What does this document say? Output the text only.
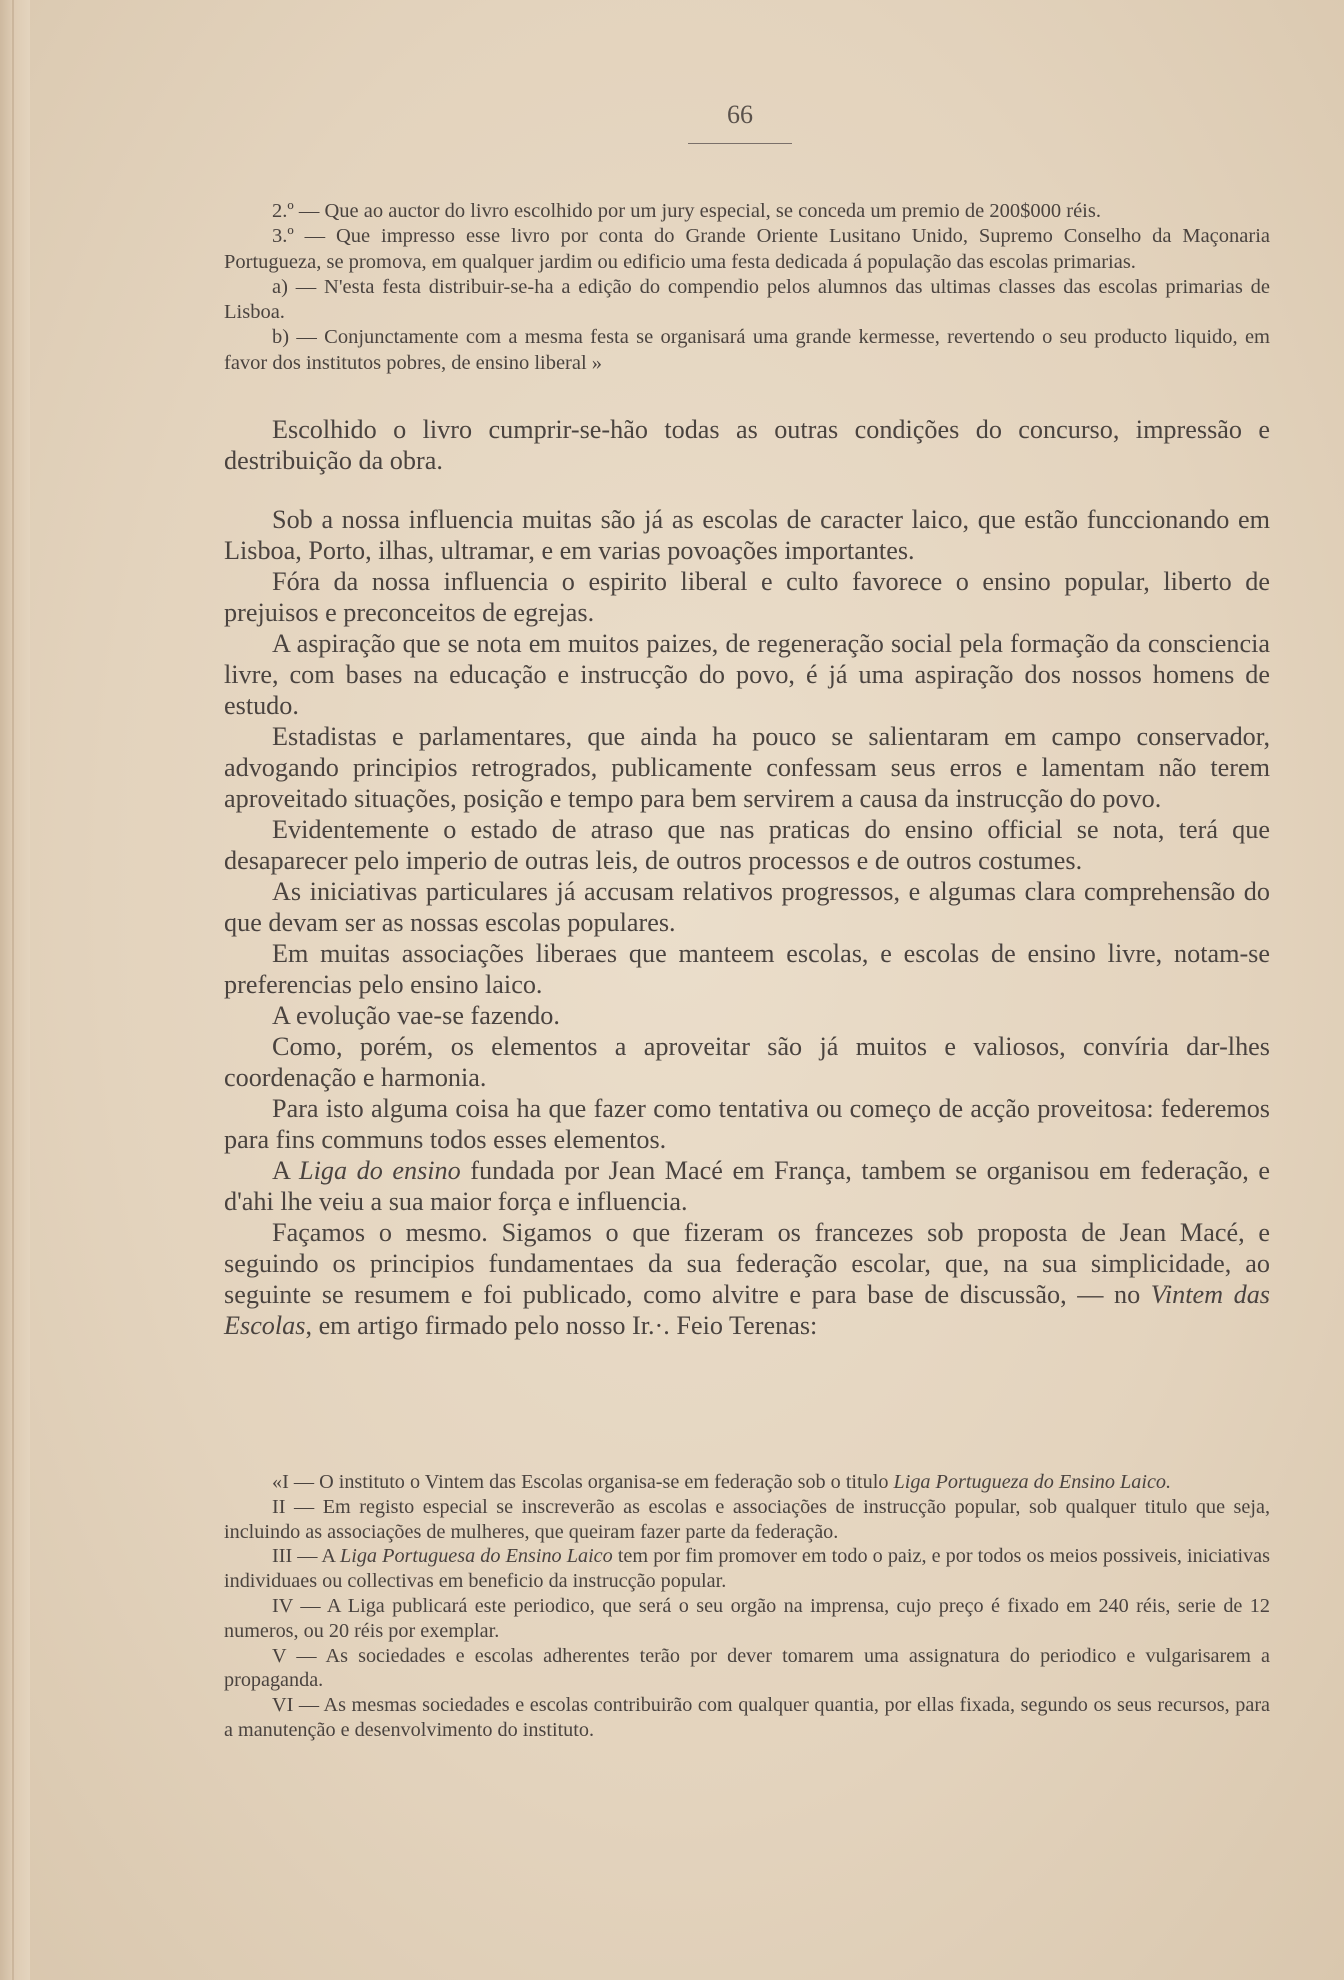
66

2.º — Que ao auctor do livro escolhido por um jury especial, se conceda um premio de 200$000 réis.

3.º — Que impresso esse livro por conta do Grande Oriente Lusitano Unido, Supremo Conselho da Maçonaria Portugueza, se promova, em qualquer jardim ou edificio uma festa dedicada á população das escolas primarias.

a) — N'esta festa distribuir-se-ha a edição do compendio pelos alumnos das ultimas classes das escolas primarias de Lisboa.

b) — Conjunctamente com a mesma festa se organisará uma grande kermesse, revertendo o seu producto liquido, em favor dos institutos pobres, de ensino liberal »

Escolhido o livro cumprir-se-hão todas as outras condições do concurso, impressão e destribuição da obra.

Sob a nossa influencia muitas são já as escolas de caracter laico, que estão funccionando em Lisboa, Porto, ilhas, ultramar, e em varias povoações importantes.

Fóra da nossa influencia o espirito liberal e culto favorece o ensino popular, liberto de prejuisos e preconceitos de egrejas.

A aspiração que se nota em muitos paizes, de regeneração social pela formação da consciencia livre, com bases na educação e instrucção do povo, é já uma aspiração dos nossos homens de estudo.

Estadistas e parlamentares, que ainda ha pouco se salientaram em campo conservador, advogando principios retrogrados, publicamente confessam seus erros e lamentam não terem aproveitado situações, posição e tempo para bem servirem a causa da instrucção do povo.

Evidentemente o estado de atraso que nas praticas do ensino official se nota, terá que desaparecer pelo imperio de outras leis, de outros processos e de outros costumes.

As iniciativas particulares já accusam relativos progressos, e algumas clara comprehensão do que devam ser as nossas escolas populares.

Em muitas associações liberaes que manteem escolas, e escolas de ensino livre, notam-se preferencias pelo ensino laico.

A evolução vae-se fazendo.

Como, porém, os elementos a aproveitar são já muitos e valiosos, convíria dar-lhes coordenação e harmonia.

Para isto alguma coisa ha que fazer como tentativa ou começo de acção proveitosa: federemos para fins communs todos esses elementos.

A Liga do ensino fundada por Jean Macé em França, tambem se organisou em federação, e d'ahi lhe veiu a sua maior força e influencia.

Façamos o mesmo. Sigamos o que fizeram os francezes sob proposta de Jean Macé, e seguindo os principios fundamentaes da sua federação escolar, que, na sua simplicidade, ao seguinte se resumem e foi publicado, como alvitre e para base de discussão, — no Vintem das Escolas, em artigo firmado pelo nosso Ir.·. Feio Terenas:

«I — O instituto o Vintem das Escolas organisa-se em federação sob o titulo Liga Portugueza do Ensino Laico.

II — Em registo especial se inscreverão as escolas e associações de instrucção popular, sob qualquer titulo que seja, incluindo as associações de mulheres, que queiram fazer parte da federação.

III — A Liga Portuguesa do Ensino Laico tem por fim promover em todo o paiz, e por todos os meios possiveis, iniciativas individuaes ou collectivas em beneficio da instrucção popular.

IV — A Liga publicará este periodico, que será o seu orgão na imprensa, cujo preço é fixado em 240 réis, serie de 12 numeros, ou 20 réis por exemplar.

V — As sociedades e escolas adherentes terão por dever tomarem uma assignatura do periodico e vulgarisarem a propaganda.

VI — As mesmas sociedades e escolas contribuirão com qualquer quantia, por ellas fixada, segundo os seus recursos, para a manutenção e desenvolvimento do instituto.
